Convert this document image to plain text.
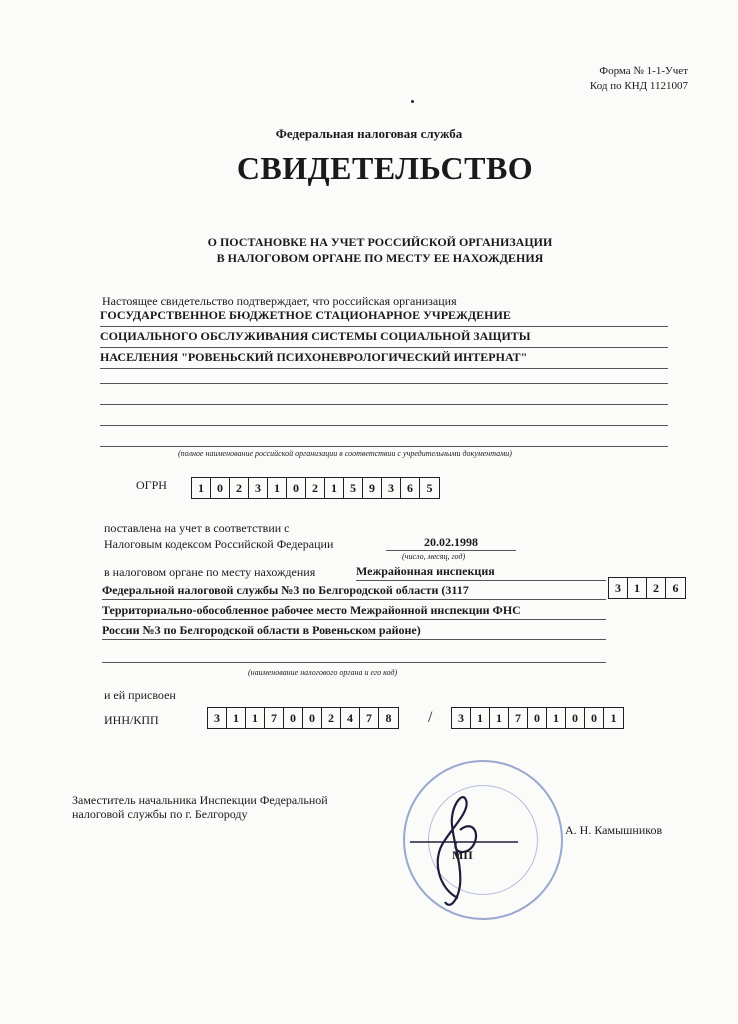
Форма № 1-1-Учет
Код по КНД 1121007
Федеральная налоговая служба
СВИДЕТЕЛЬСТВО
О ПОСТАНОВКЕ НА УЧЕТ РОССИЙСКОЙ ОРГАНИЗАЦИИ
В НАЛОГОВОМ ОРГАНЕ ПО МЕСТУ ЕЕ НАХОЖДЕНИЯ
Настоящее свидетельство подтверждает, что российская организация
ГОСУДАРСТВЕННОЕ БЮДЖЕТНОЕ СТАЦИОНАРНОЕ УЧРЕЖДЕНИЕ
СОЦИАЛЬНОГО ОБСЛУЖИВАНИЯ СИСТЕМЫ СОЦИАЛЬНОЙ ЗАЩИТЫ
НАСЕЛЕНИЯ "РОВЕНЬСКИЙ ПСИХОНЕВРОЛОГИЧЕСКИЙ ИНТЕРНАТ"
(полное наименование российской организации в соответствии с учредительными документами)
ОГРН	1	0	2	3	1	0	2	1	5	9	3	6	5
поставлена на учет в соответствии с
Налоговым кодексом Российской Федерации	20.02.1998
(число, месяц, год)
в налоговом органе по месту нахождения	Межрайонная инспекция
Федеральной налоговой службы №3 по Белгородской области (3117
Территориально-обособленное рабочее место Межрайонной инспекции ФНС
России №3 по Белгородской области в Ровеньском районе)
(наименование налогового органа и его код)
3	1	2	6
и ей присвоен
ИНН/КПП	3	1	1	7	0	0	2	4	7	8	/	3	1	1	7	0	1	0	0	1
Заместитель начальника Инспекции Федеральной
налоговой службы по г. Белгороду
МП
А. Н. Камышников
